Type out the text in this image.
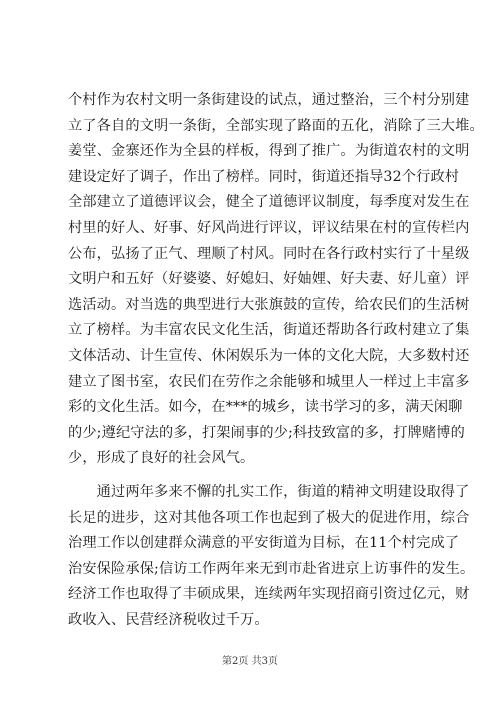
个村作为农村文明一条街建设的试点，通过整治，三个村分别建
立了各自的文明一条街，全部实现了路面的五化，消除了三大堆。
姜堂、金寨还作为全县的样板，得到了推广。为街道农村的文明
建设定好了调子，作出了榜样。同时，街道还指导32个行政村
全部建立了道德评议会，健全了道德评议制度，每季度对发生在
村里的好人、好事、好风尚进行评议，评议结果在村的宣传栏内
公布，弘扬了正气、理顺了村风。同时在各行政村实行了十星级
文明户和五好（好婆婆、好媳妇、好妯娌、好夫妻、好儿童）评
选活动。对当选的典型进行大张旗鼓的宣传，给农民们的生活树
立了榜样。为丰富农民文化生活，街道还帮助各行政村建立了集
文体活动、计生宣传、休闲娱乐为一体的文化大院，大多数村还
建立了图书室，农民们在劳作之余能够和城里人一样过上丰富多
彩的文化生活。如今，在***的城乡，读书学习的多，满天闲聊
的少;遵纪守法的多，打架闹事的少;科技致富的多，打牌赌博的
少，形成了良好的社会风气。
　　通过两年多来不懈的扎实工作，街道的精神文明建设取得了
长足的进步，这对其他各项工作也起到了极大的促进作用，综合
治理工作以创建群众满意的平安街道为目标，在11个村完成了
治安保险承保;信访工作两年来无到市赴省进京上访事件的发生。
经济工作也取得了丰硕成果，连续两年实现招商引资过亿元，财
政收入、民营经济税收过千万。
第2页 共3页
